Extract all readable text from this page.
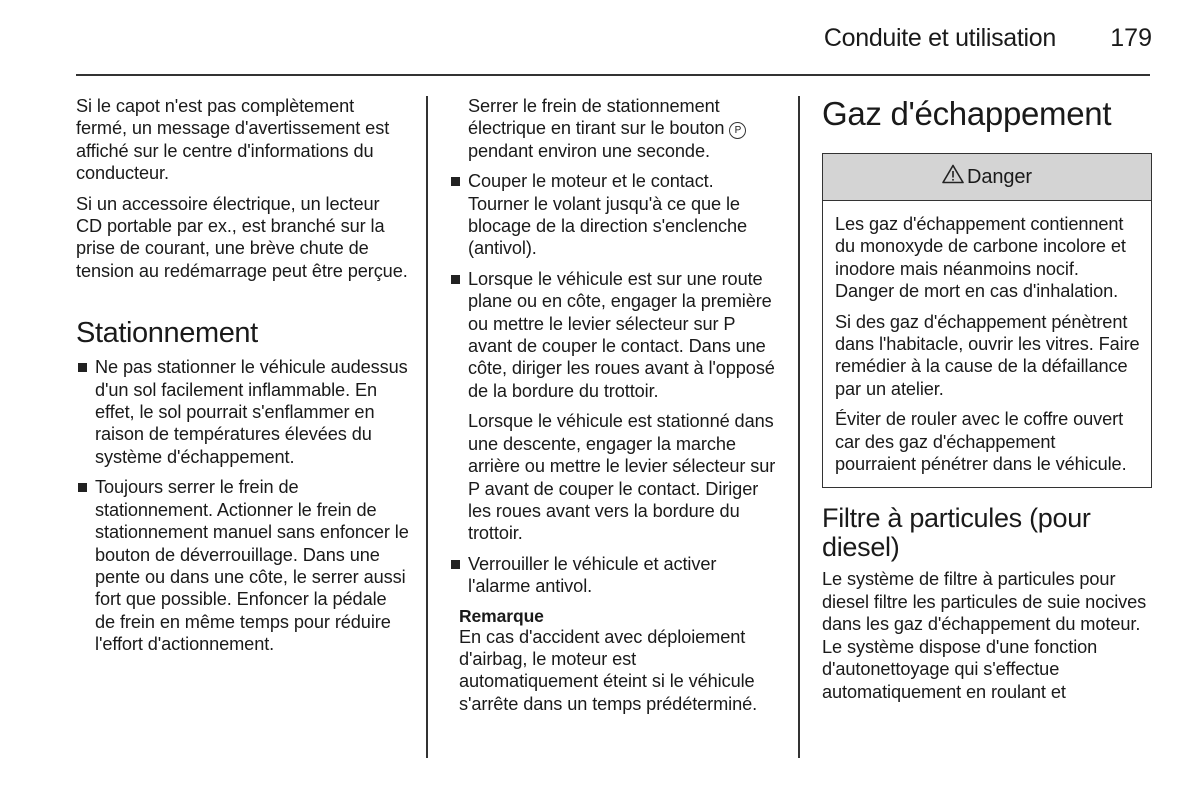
Conduite et utilisation 179

Si le capot n'est pas complètement fermé, un message d'avertissement est affiché sur le centre d'informations du conducteur.

Si un accessoire électrique, un lecteur CD portable par ex., est branché sur la prise de courant, une brève chute de tension au redémarrage peut être perçue.

Stationnement
Ne pas stationner le véhicule audessus d'un sol facilement inflammable. En effet, le sol pourrait s'enflammer en raison de températures élevées du système d'échappement.
Toujours serrer le frein de stationnement. Actionner le frein de stationnement manuel sans enfoncer le bouton de déverrouillage. Dans une pente ou dans une côte, le serrer aussi fort que possible. Enfoncer la pédale de frein en même temps pour réduire l'effort d'actionnement.

Serrer le frein de stationnement électrique en tirant sur le bouton P pendant environ une seconde.

Couper le moteur et le contact. Tourner le volant jusqu'à ce que le blocage de la direction s'enclenche (antivol).
Lorsque le véhicule est sur une route plane ou en côte, engager la première ou mettre le levier sélecteur sur P avant de couper le contact. Dans une côte, diriger les roues avant à l'opposé de la bordure du trottoir.

Lorsque le véhicule est stationné dans une descente, engager la marche arrière ou mettre le levier sélecteur sur P avant de couper le contact. Diriger les roues avant vers la bordure du trottoir.

Verrouiller le véhicule et activer l'alarme antivol.
Remarque
En cas d'accident avec déploiement d'airbag, le moteur est automatiquement éteint si le véhicule s'arrête dans un temps prédéterminé.
Gaz d'échappement
Danger

Les gaz d'échappement contiennent du monoxyde de carbone incolore et inodore mais néanmoins nocif. Danger de mort en cas d'inhalation.

Si des gaz d'échappement pénètrent dans l'habitacle, ouvrir les vitres. Faire remédier à la cause de la défaillance par un atelier.

Éviter de rouler avec le coffre ouvert car des gaz d'échappement pourraient pénétrer dans le véhicule.

Filtre à particules (pour diesel)

Le système de filtre à particules pour diesel filtre les particules de suie nocives dans les gaz d'échappement du moteur. Le système dispose d'une fonction d'autonettoyage qui s'effectue automatiquement en roulant et
